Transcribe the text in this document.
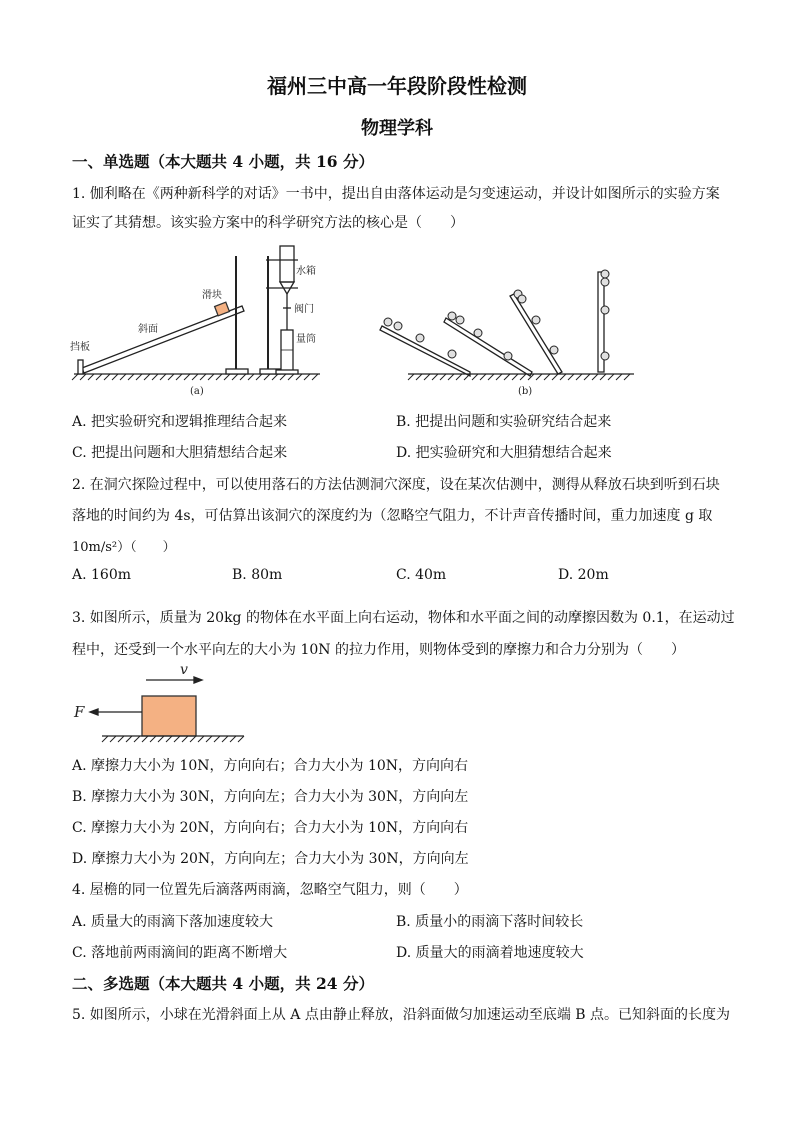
福州三中高一年段阶段性检测
物理学科
一、单选题（本大题共 4 小题，共 16 分）
1. 伽利略在《两种新科学的对话》一书中，提出自由落体运动是匀变速运动，并设计如图所示的实验方案
证实了其猜想。该实验方案中的科学研究方法的核心是（　　）
挡板
斜面
滑块
水箱
阀门
量筒
(a)	(b)
A. 把实验研究和逻辑推理结合起来	B. 把提出问题和实验研究结合起来
C. 把提出问题和大胆猜想结合起来	D. 把实验研究和大胆猜想结合起来
2. 在洞穴探险过程中，可以使用落石的方法估测洞穴深度，设在某次估测中，测得从释放石块到听到石块
落地的时间约为 4s，可估算出该洞穴的深度约为（忽略空气阻力，不计声音传播时间，重力加速度 g 取
10m/s²）（　　）
A. 160m	B. 80m	C. 40m	D. 20m
3. 如图所示，质量为 20kg 的物体在水平面上向右运动，物体和水平面之间的动摩擦因数为 0.1，在运动过
程中，还受到一个水平向左的大小为 10N 的拉力作用，则物体受到的摩擦力和合力分别为（　　）
v
F
A. 摩擦力大小为 10N，方向向右；合力大小为 10N，方向向右
B. 摩擦力大小为 30N，方向向左；合力大小为 30N，方向向左
C. 摩擦力大小为 20N，方向向右；合力大小为 10N，方向向右
D. 摩擦力大小为 20N，方向向左；合力大小为 30N，方向向左
4. 屋檐的同一位置先后滴落两雨滴，忽略空气阻力，则（　　）
A. 质量大的雨滴下落加速度较大	B. 质量小的雨滴下落时间较长
C. 落地前两雨滴间的距离不断增大	D. 质量大的雨滴着地速度较大
二、多选题（本大题共 4 小题，共 24 分）
5. 如图所示，小球在光滑斜面上从 A 点由静止释放，沿斜面做匀加速运动至底端 B 点。已知斜面的长度为
